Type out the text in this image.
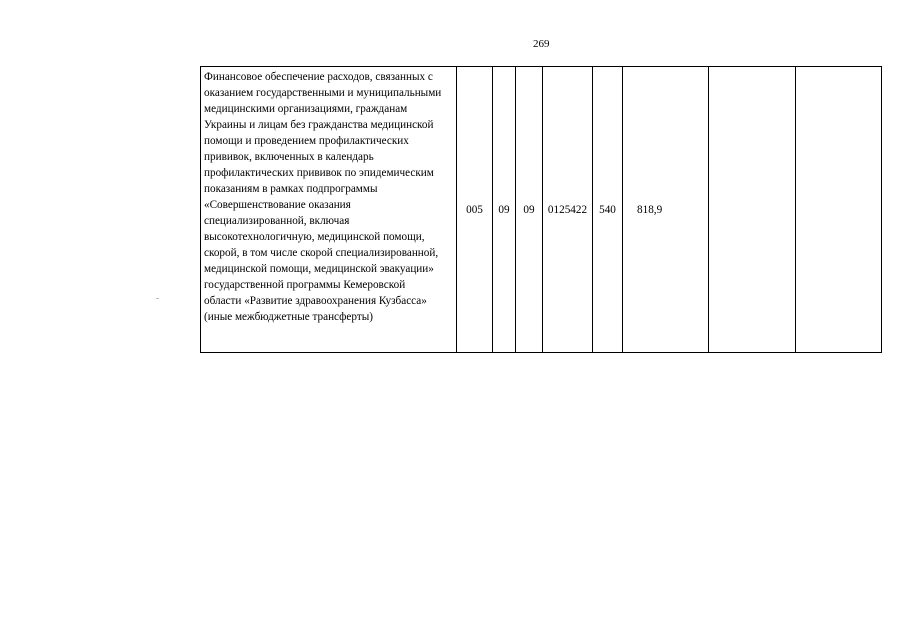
269
Финансовое обеспечение расходов, связанных с
оказанием государственными и муниципальными
медицинскими организациями, гражданам
Украины и лицам без гражданства медицинской
помощи и проведением профилактических
прививок, включенных в календарь
профилактических прививок по эпидемическим
показаниям в рамках подпрограммы
«Совершенствование оказания
специализированной, включая
высокотехнологичную, медицинской помощи,
скорой, в том числе скорой специализированной,
медицинской помощи, медицинской эвакуации»
государственной программы Кемеровской
области «Развитие здравоохранения Кузбасса»
(иные межбюджетные трансферты)
	005	09	09	0125422	540	818,9		
